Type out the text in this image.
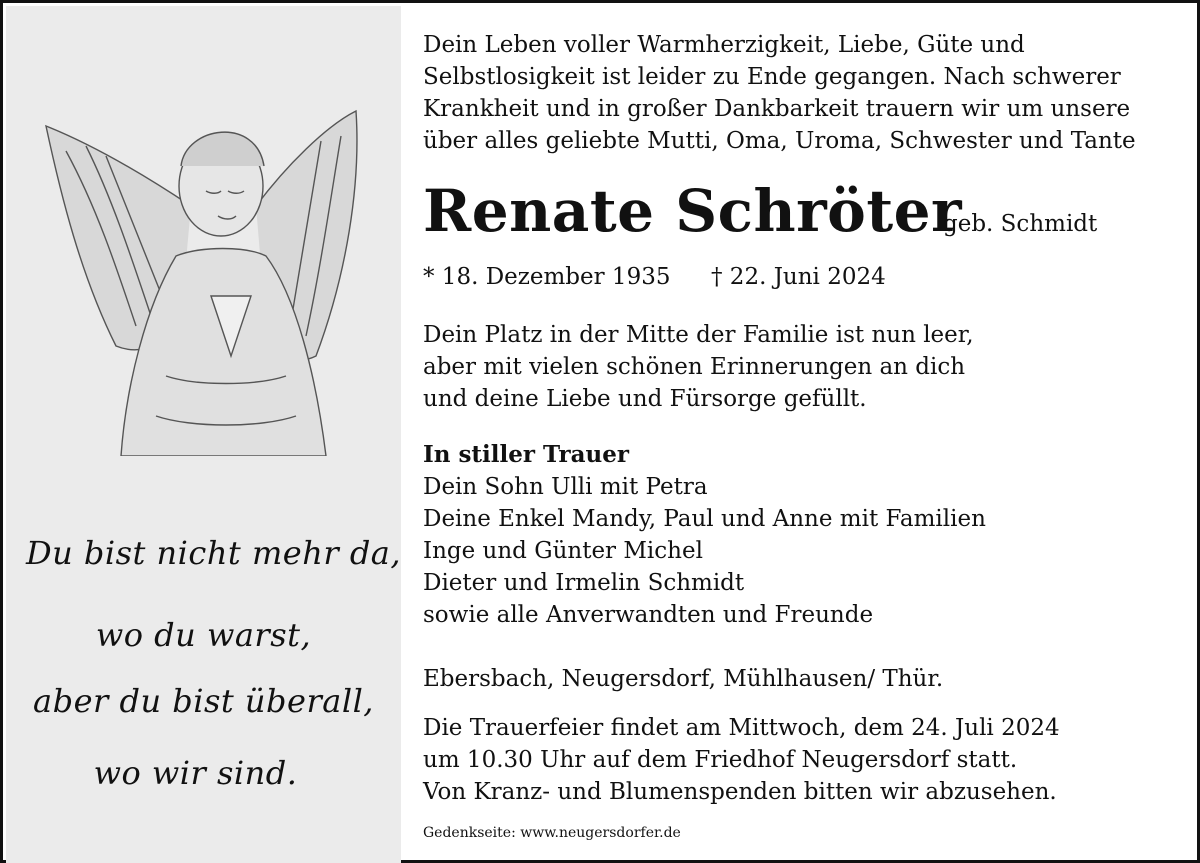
Du bist nicht mehr da,
wo du warst,
aber du bist überall,
wo wir sind.
Dein Leben voller Warmherzigkeit, Liebe, Güte und
Selbstlosigkeit ist leider zu Ende gegangen. Nach schwerer
Krankheit und in großer Dankbarkeit trauern wir um unsere
über alles geliebte Mutti, Oma, Uroma, Schwester und Tante
Renate Schröter
geb. Schmidt
* 18. Dezember 1935 † 22. Juni 2024
Dein Platz in der Mitte der Familie ist nun leer,
aber mit vielen schönen Erinnerungen an dich
und deine Liebe und Fürsorge gefüllt.
In stiller Trauer
Dein Sohn Ulli mit Petra
Deine Enkel Mandy, Paul und Anne mit Familien
Inge und Günter Michel
Dieter und Irmelin Schmidt
sowie alle Anverwandten und Freunde
Ebersbach, Neugersdorf, Mühlhausen/ Thür.
Die Trauerfeier findet am Mittwoch, dem 24. Juli 2024
um 10.30 Uhr auf dem Friedhof Neugersdorf statt.
Von Kranz- und Blumenspenden bitten wir abzusehen.
Gedenkseite: www.neugersdorfer.de
